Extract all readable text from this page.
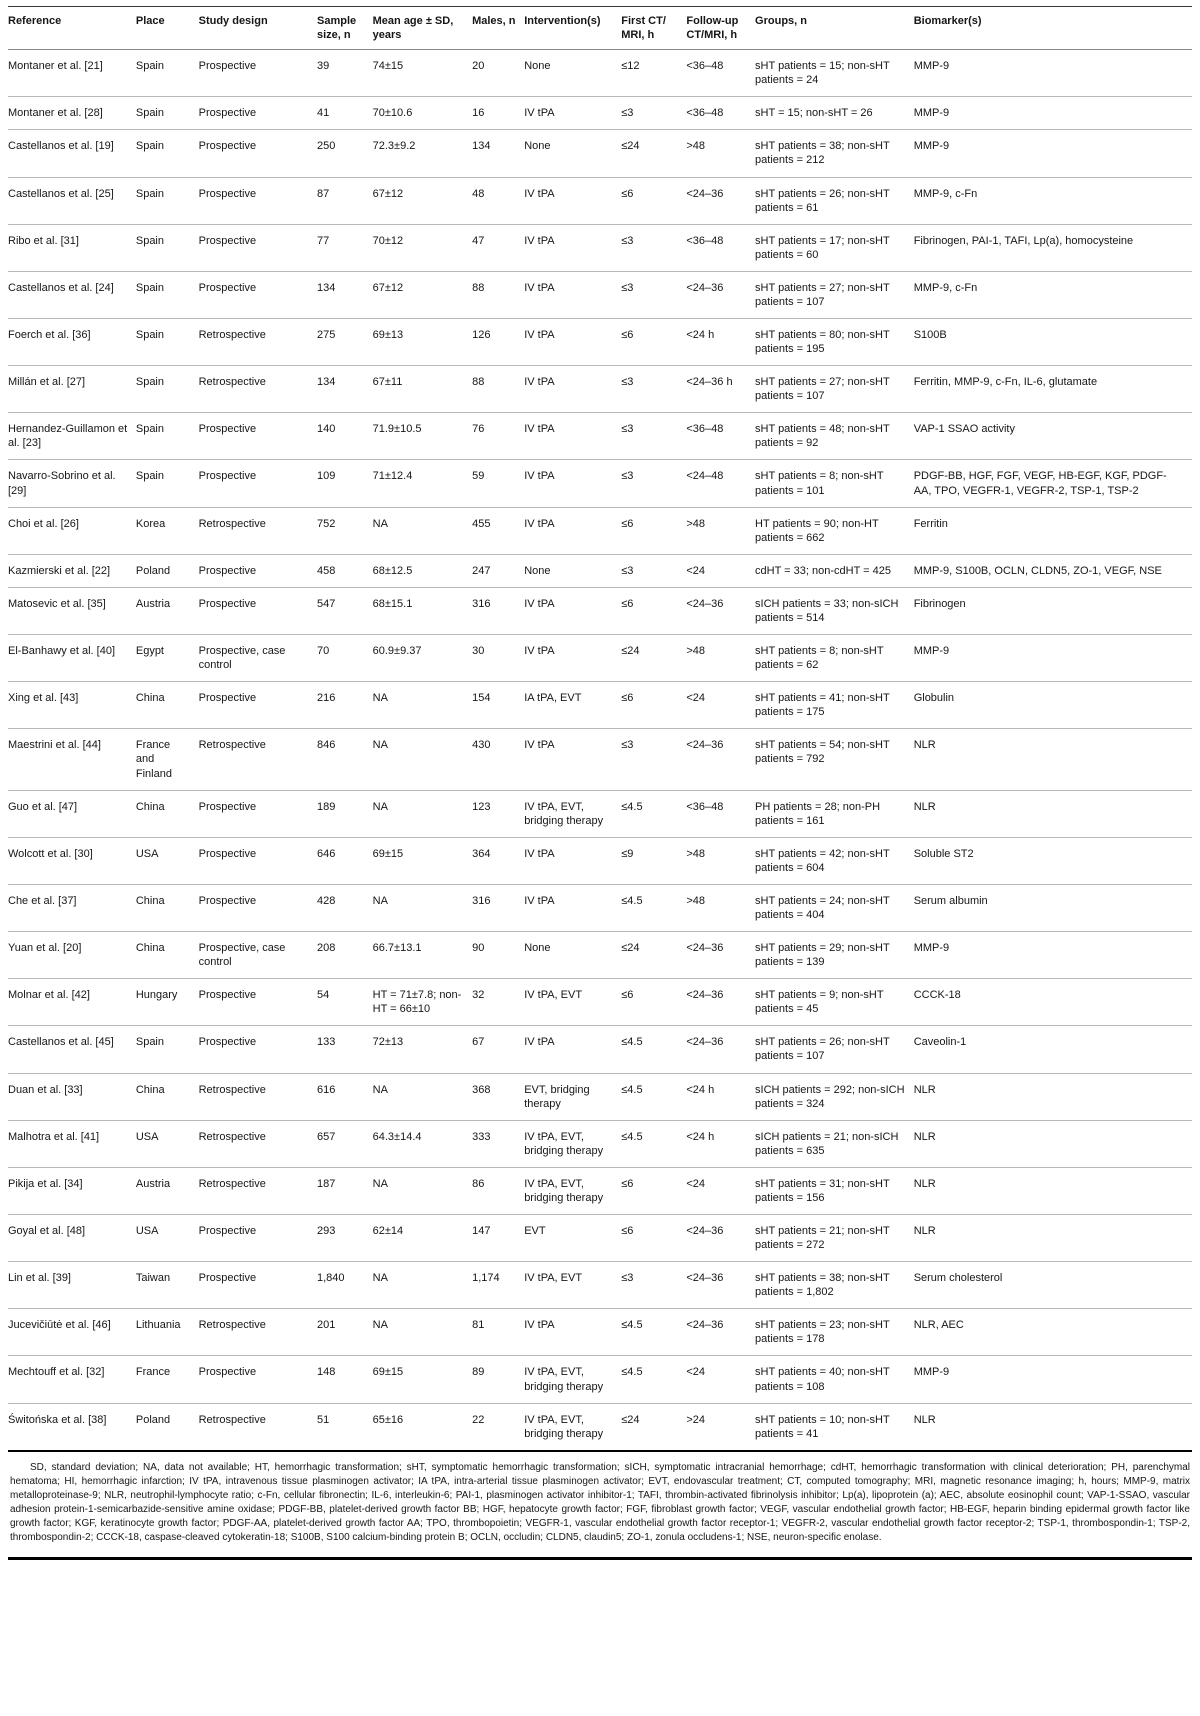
Reference	Place	Study design	Sample size, n	Mean age ± SD, years	Males, n	Intervention(s)	First CT/ MRI, h	Follow-up CT/MRI, h	Groups, n	Biomarker(s)
Montaner et al. [21]	Spain	Prospective	39	74±15	20	None	≤12	<36–48	sHT patients = 15; non-sHT patients = 24	MMP-9
Montaner et al. [28]	Spain	Prospective	41	70±10.6	16	IV tPA	≤3	<36–48	sHT = 15; non-sHT = 26	MMP-9
Castellanos et al. [19]	Spain	Prospective	250	72.3±9.2	134	None	≤24	>48	sHT patients = 38; non-sHT patients = 212	MMP-9
Castellanos et al. [25]	Spain	Prospective	87	67±12	48	IV tPA	≤6	<24–36	sHT patients = 26; non-sHT patients = 61	MMP-9, c-Fn
Ribo et al. [31]	Spain	Prospective	77	70±12	47	IV tPA	≤3	<36–48	sHT patients = 17; non-sHT patients = 60	Fibrinogen, PAI-1, TAFI, Lp(a), homocysteine
Castellanos et al. [24]	Spain	Prospective	134	67±12	88	IV tPA	≤3	<24–36	sHT patients = 27; non-sHT patients = 107	MMP-9, c-Fn
Foerch et al. [36]	Spain	Retrospective	275	69±13	126	IV tPA	≤6	<24 h	sHT patients = 80; non-sHT patients = 195	S100B
Millán et al. [27]	Spain	Retrospective	134	67±11	88	IV tPA	≤3	<24–36 h	sHT patients = 27; non-sHT patients = 107	Ferritin, MMP-9, c-Fn, IL-6, glutamate
Hernandez-Guillamon et al. [23]	Spain	Prospective	140	71.9±10.5	76	IV tPA	≤3	<36–48	sHT patients = 48; non-sHT patients = 92	VAP-1 SSAO activity
Navarro-Sobrino et al. [29]	Spain	Prospective	109	71±12.4	59	IV tPA	≤3	<24–48	sHT patients = 8; non-sHT patients = 101	PDGF-BB, HGF, FGF, VEGF, HB-EGF, KGF, PDGF-AA, TPO, VEGFR-1, VEGFR-2, TSP-1, TSP-2
Choi et al. [26]	Korea	Retrospective	752	NA	455	IV tPA	≤6	>48	HT patients = 90; non-HT patients = 662	Ferritin
Kazmierski et al. [22]	Poland	Prospective	458	68±12.5	247	None	≤3	<24	cdHT = 33; non-cdHT = 425	MMP-9, S100B, OCLN, CLDN5, ZO-1, VEGF, NSE
Matosevic et al. [35]	Austria	Prospective	547	68±15.1	316	IV tPA	≤6	<24–36	sICH patients = 33; non-sICH patients = 514	Fibrinogen
El-Banhawy et al. [40]	Egypt	Prospective, case control	70	60.9±9.37	30	IV tPA	≤24	>48	sHT patients = 8; non-sHT patients = 62	MMP-9
Xing et al. [43]	China	Prospective	216	NA	154	IA tPA, EVT	≤6	<24	sHT patients = 41; non-sHT patients = 175	Globulin
Maestrini et al. [44]	France and Finland	Retrospective	846	NA	430	IV tPA	≤3	<24–36	sHT patients = 54; non-sHT patients = 792	NLR
Guo et al. [47]	China	Prospective	189	NA	123	IV tPA, EVT, bridging therapy	≤4.5	<36–48	PH patients = 28; non-PH patients = 161	NLR
Wolcott et al. [30]	USA	Prospective	646	69±15	364	IV tPA	≤9	>48	sHT patients = 42; non-sHT patients = 604	Soluble ST2
Che et al. [37]	China	Prospective	428	NA	316	IV tPA	≤4.5	>48	sHT patients = 24; non-sHT patients = 404	Serum albumin
Yuan et al. [20]	China	Prospective, case control	208	66.7±13.1	90	None	≤24	<24–36	sHT patients = 29; non-sHT patients = 139	MMP-9
Molnar et al. [42]	Hungary	Prospective	54	HT = 71±7.8; non-HT = 66±10	32	IV tPA, EVT	≤6	<24–36	sHT patients = 9; non-sHT patients = 45	CCCK-18
Castellanos et al. [45]	Spain	Prospective	133	72±13	67	IV tPA	≤4.5	<24–36	sHT patients = 26; non-sHT patients = 107	Caveolin-1
Duan et al. [33]	China	Retrospective	616	NA	368	EVT, bridging therapy	≤4.5	<24 h	sICH patients = 292; non-sICH patients = 324	NLR
Malhotra et al. [41]	USA	Retrospective	657	64.3±14.4	333	IV tPA, EVT, bridging therapy	≤4.5	<24 h	sICH patients = 21; non-sICH patients = 635	NLR
Pikija et al. [34]	Austria	Retrospective	187	NA	86	IV tPA, EVT, bridging therapy	≤6	<24	sHT patients = 31; non-sHT patients = 156	NLR
Goyal et al. [48]	USA	Prospective	293	62±14	147	EVT	≤6	<24–36	sHT patients = 21; non-sHT patients = 272	NLR
Lin et al. [39]	Taiwan	Prospective	1,840	NA	1,174	IV tPA, EVT	≤3	<24–36	sHT patients = 38; non-sHT patients = 1,802	Serum cholesterol
Jucevičiūtė et al. [46]	Lithuania	Retrospective	201	NA	81	IV tPA	≤4.5	<24–36	sHT patients = 23; non-sHT patients = 178	NLR, AEC
Mechtouff et al. [32]	France	Prospective	148	69±15	89	IV tPA, EVT, bridging therapy	≤4.5	<24	sHT patients = 40; non-sHT patients = 108	MMP-9
Świtońska et al. [38]	Poland	Retrospective	51	65±16	22	IV tPA, EVT, bridging therapy	≤24	>24	sHT patients = 10; non-sHT patients = 41	NLR
SD, standard deviation; NA, data not available; HT, hemorrhagic transformation; sHT, symptomatic hemorrhagic transformation; sICH, symptomatic intracranial hemorrhage; cdHT, hemorrhagic transformation with clinical deterioration; PH, parenchymal hematoma; HI, hemorrhagic infarction; IV tPA, intravenous tissue plasminogen activator; IA tPA, intra-arterial tissue plasminogen activator; EVT, endovascular treatment; CT, computed tomography; MRI, magnetic resonance imaging; h, hours; MMP-9, matrix metalloproteinase-9; NLR, neutrophil-lymphocyte ratio; c-Fn, cellular fibronectin; IL-6, interleukin-6; PAI-1, plasminogen activator inhibitor-1; TAFI, thrombin-activated fibrinolysis inhibitor; Lp(a), lipoprotein (a); AEC, absolute eosinophil count; VAP-1-SSAO, vascular adhesion protein-1-semicarbazide-sensitive amine oxidase; PDGF-BB, platelet-derived growth factor BB; HGF, hepatocyte growth factor; FGF, fibroblast growth factor; VEGF, vascular endothelial growth factor; HB-EGF, heparin binding epidermal growth factor like growth factor; KGF, keratinocyte growth factor; PDGF-AA, platelet-derived growth factor AA; TPO, thrombopoietin; VEGFR-1, vascular endothelial growth factor receptor-1; VEGFR-2, vascular endothelial growth factor receptor-2; TSP-1, thrombospondin-1; TSP-2, thrombospondin-2; CCCK-18, caspase-cleaved cytokeratin-18; S100B, S100 calcium-binding protein B; OCLN, occludin; CLDN5, claudin5; ZO-1, zonula occludens-1; NSE, neuron-specific enolase.
